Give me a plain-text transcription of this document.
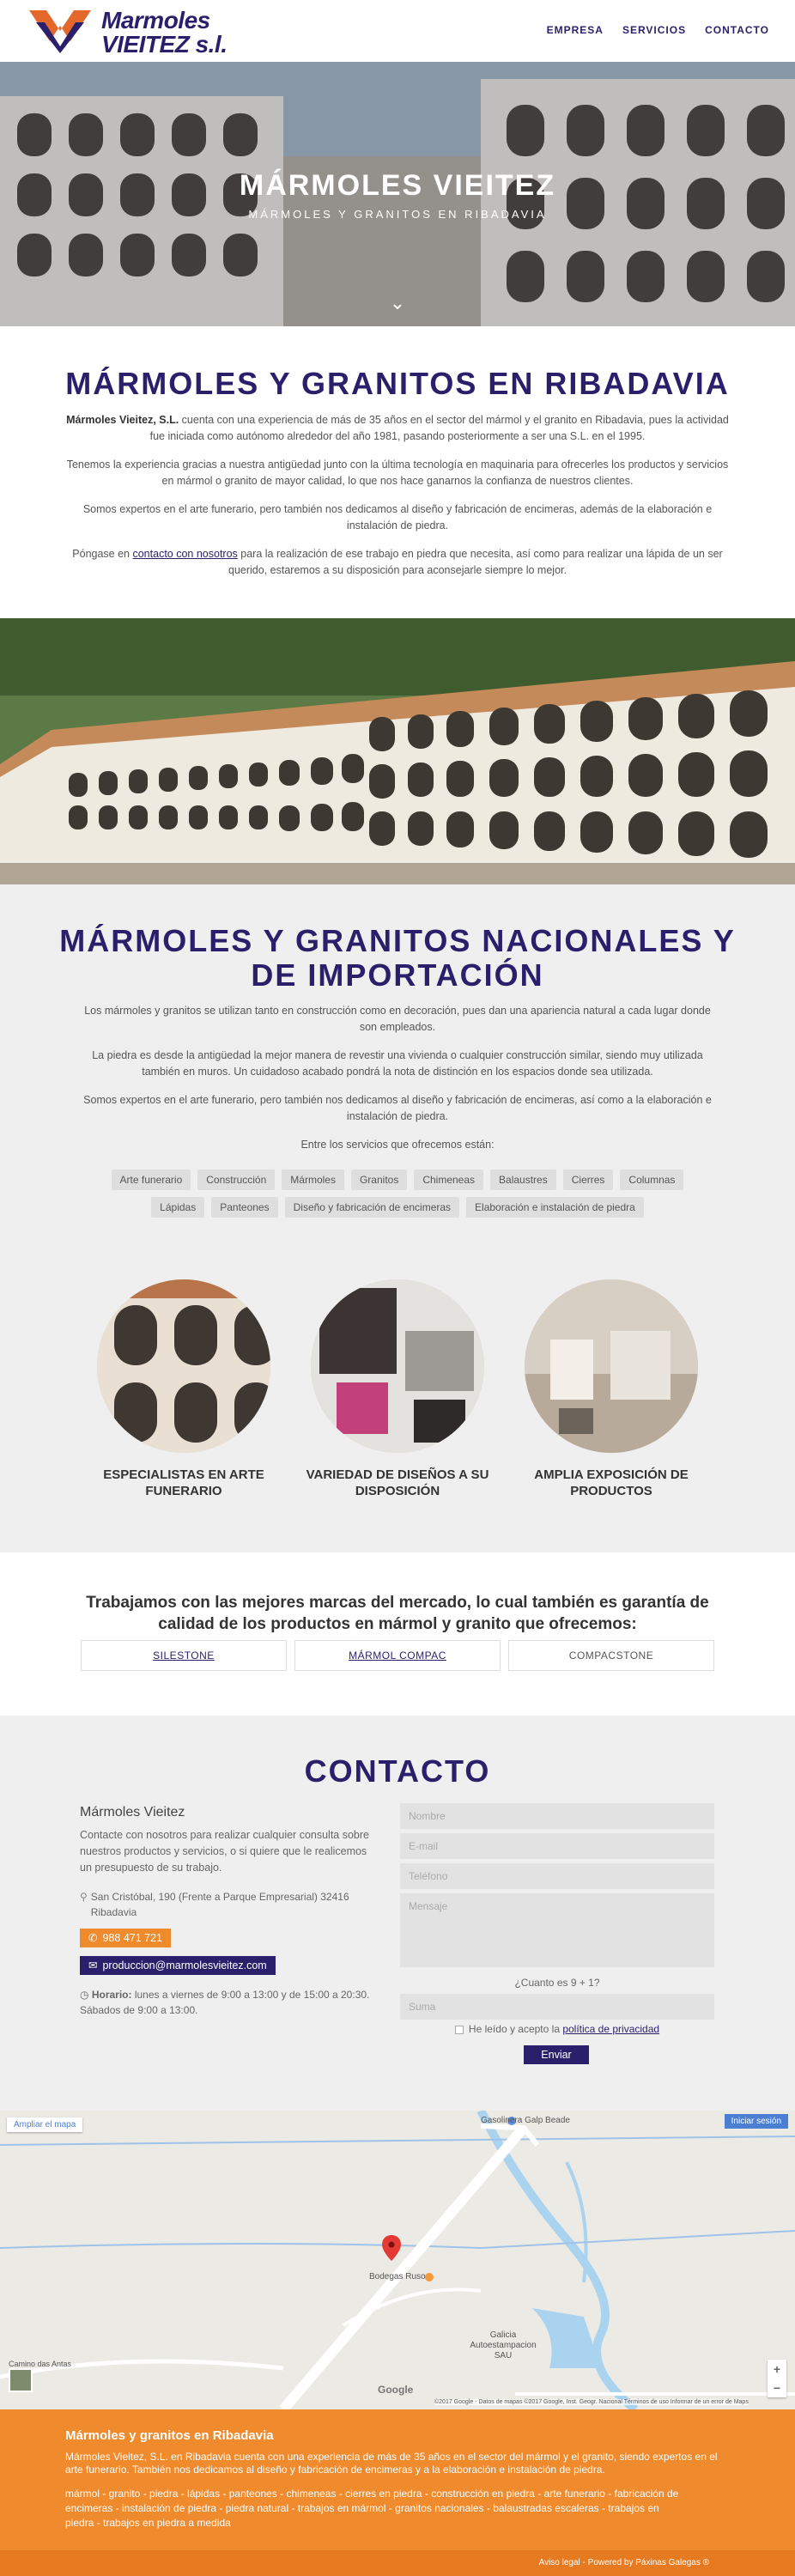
Marmoles
VIEITEZ s.l.
EMPRESA SERVICIOS CONTACTO
MÁRMOLES VIEITEZ
MÁRMOLES Y GRANITOS EN RIBADAVIA
⌄
MÁRMOLES Y GRANITOS EN RIBADAVIA
Mármoles Vieitez, S.L. cuenta con una experiencia de más de 35 años en el sector del mármol y el granito en Ribadavia, pues la actividad fue iniciada como autónomo alrededor del año 1981, pasando posteriormente a ser una S.L. en el 1995.
Tenemos la experiencia gracias a nuestra antigüedad junto con la última tecnología en maquinaria para ofrecerles los productos y servicios en mármol o granito de mayor calidad, lo que nos hace ganarnos la confianza de nuestros clientes.
Somos expertos en el arte funerario, pero también nos dedicamos al diseño y fabricación de encimeras, además de la elaboración e instalación de piedra.
Póngase en contacto con nosotros para la realización de ese trabajo en piedra que necesita, así como para realizar una lápida de un ser querido, estaremos a su disposición para aconsejarle siempre lo mejor.
MÁRMOLES Y GRANITOS NACIONALES Y
DE IMPORTACIÓN
Los mármoles y granitos se utilizan tanto en construcción como en decoración, pues dan una apariencia natural a cada lugar donde son empleados.
La piedra es desde la antigüedad la mejor manera de revestir una vivienda o cualquier construcción similar, siendo muy utilizada también en muros. Un cuidadoso acabado pondrá la nota de distinción en los espacios donde sea utilizada.
Somos expertos en el arte funerario, pero también nos dedicamos al diseño y fabricación de encimeras, así como a la elaboración e instalación de piedra.
Entre los servicios que ofrecemos están:
Arte funerario	Construcción	Mármoles	Granitos	Chimeneas	Balaustres	Cierres	Columnas
Lápidas	Panteones	Diseño y fabricación de encimeras	Elaboración e instalación de piedra
ESPECIALISTAS EN ARTE
FUNERARIO
VARIEDAD DE DISEÑOS A SU
DISPOSICIÓN
AMPLIA EXPOSICIÓN DE
PRODUCTOS
Trabajamos con las mejores marcas del mercado, lo cual también es garantía de
calidad de los productos en mármol y granito que ofrecemos:
SILESTONE	MÁRMOL COMPAC	COMPACSTONE
CONTACTO
Mármoles Vieitez
Contacte con nosotros para realizar cualquier consulta sobre nuestros productos y servicios, o si quiere que le realicemos un presupuesto de su trabajo.
⚲ San Cristóbal, 190 (Frente a Parque Empresarial) 32416 Ribadavia
✆ 988 471 721
✉ produccion@marmolesvieitez.com
◷ Horario: lunes a viernes de 9:00 a 13:00 y de 15:00 a 20:30. Sábados de 9:00 a 13:00.
Nombre
E-mail
Teléfono
Mensaje
¿Cuanto es 9 + 1?
Suma
He leído y acepto la política de privacidad
Enviar
Ampliar el mapa	Iniciar sesión
Gasolinera Galp Beade
Bodegas Ruso
Galicia Autoestampacion SAU
Camino das Antas
Google
+
−
©2017 Google - Datos de mapas ©2017 Google, Inst. Geogr. Nacional Términos de uso Informar de un error de Maps
Mármoles y granitos en Ribadavia
Mármoles Vieitez, S.L. en Ribadavia cuenta con una experiencia de más de 35 años en el sector del mármol y el granito, siendo expertos en el arte funerario. También nos dedicamos al diseño y fabricación de encimeras y a la elaboración e instalación de piedra.
mármol - granito - piedra - lápidas - panteones - chimeneas - cierres en piedra - construcción en piedra - arte funerario - fabricación de encimeras - instalación de piedra - piedra natural - trabajos en mármol - granitos nacionales - balaustradas escaleras - trabajos en piedra - trabajos en piedra a medida
Aviso legal - Powered by Páxinas Galegas ®
